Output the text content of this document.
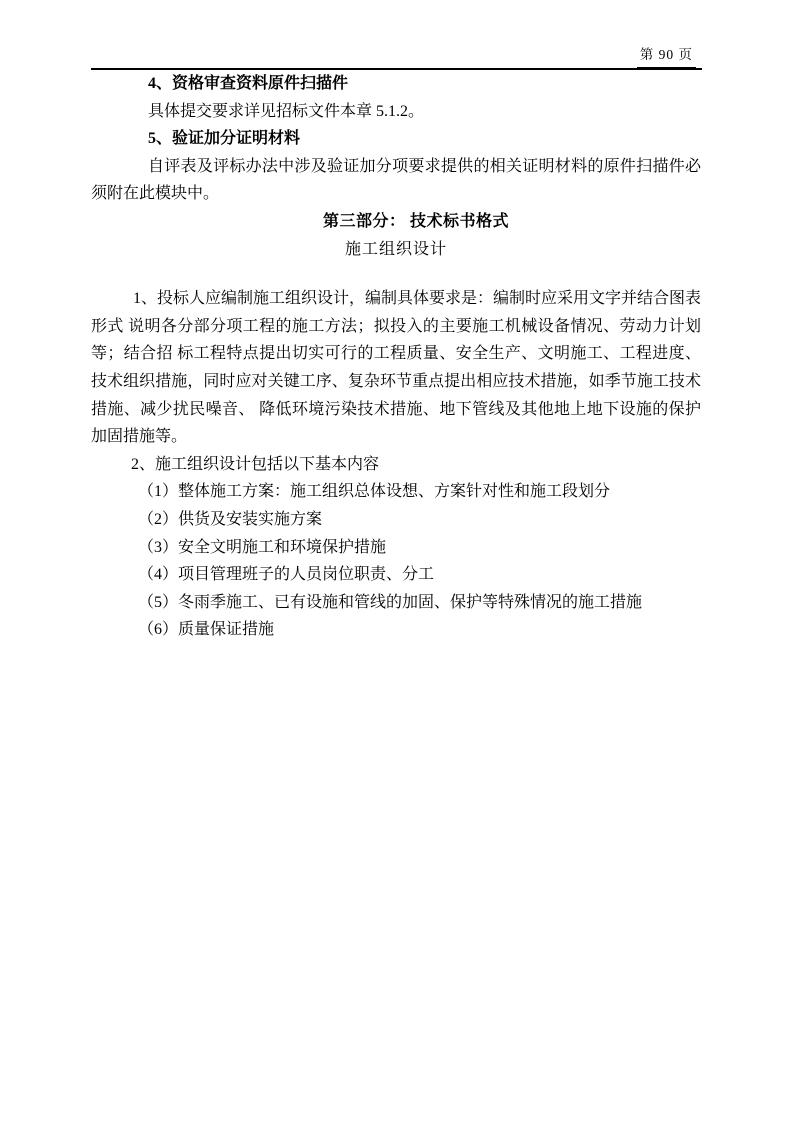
第 90 页

4、资格审查资料原件扫描件

具体提交要求详见招标文件本章 5.1.2。

5、验证加分证明材料

自评表及评标办法中涉及验证加分项要求提供的相关证明材料的原件扫描件必须附在此模块中。

第三部分： 技术标书格式

施工组织设计

1、投标人应编制施工组织设计，编制具体要求是：编制时应采用文字并结合图表形式 说明各分部分项工程的施工方法；拟投入的主要施工机械设备情况、劳动力计划等；结合招 标工程特点提出切实可行的工程质量、安全生产、文明施工、工程进度、技术组织措施，同时应对关键工序、复杂环节重点提出相应技术措施，如季节施工技术措施、减少扰民噪音、 降低环境污染技术措施、地下管线及其他地上地下设施的保护加固措施等。

2、施工组织设计包括以下基本内容

（1）整体施工方案：施工组织总体设想、方案针对性和施工段划分

（2）供货及安装实施方案

（3）安全文明施工和环境保护措施

（4）项目管理班子的人员岗位职责、分工

（5）冬雨季施工、已有设施和管线的加固、保护等特殊情况的施工措施

（6）质量保证措施
